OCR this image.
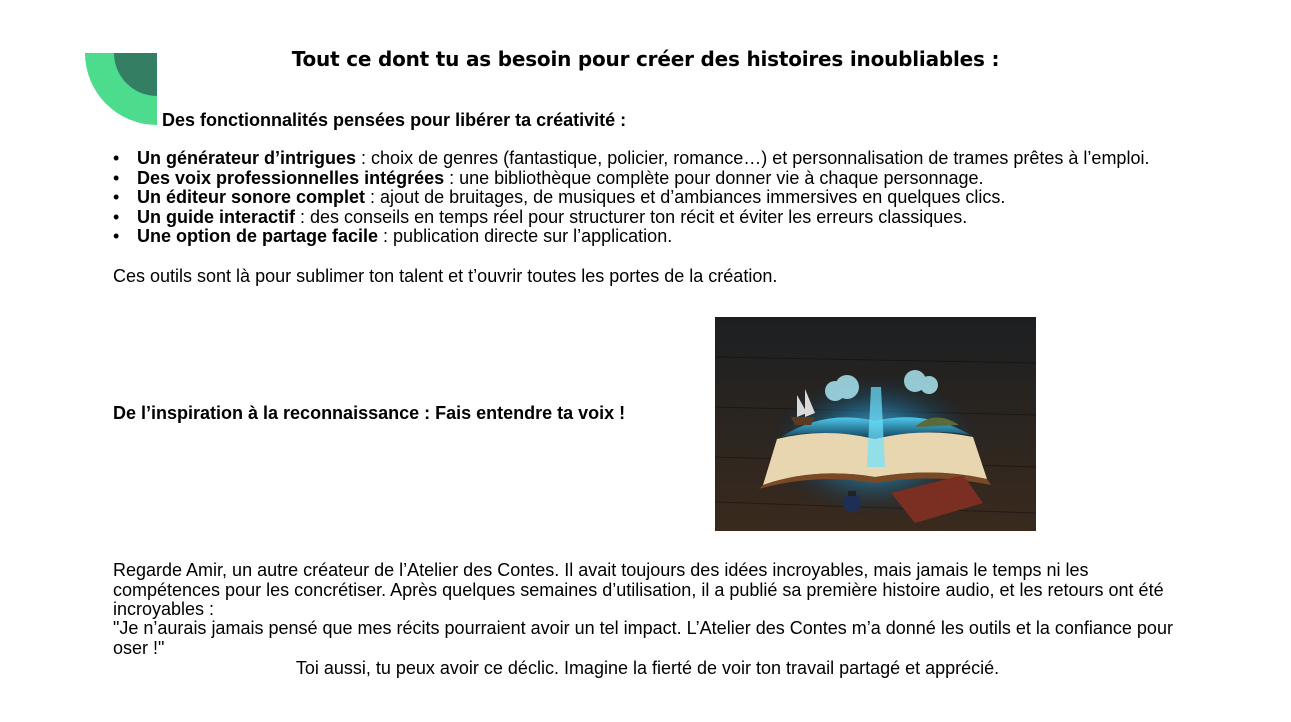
Tout ce dont tu as besoin pour créer des histoires inoubliables :

Des fonctionnalités pensées pour libérer ta créativité :

• Un générateur d’intrigues : choix de genres (fantastique, policier, romance…) et personnalisation de trames prêtes à l’emploi.
• Des voix professionnelles intégrées : une bibliothèque complète pour donner vie à chaque personnage.
• Un éditeur sonore complet : ajout de bruitages, de musiques et d’ambiances immersives en quelques clics.
• Un guide interactif : des conseils en temps réel pour structurer ton récit et éviter les erreurs classiques.
• Une option de partage facile : publication directe sur l’application.

Ces outils sont là pour sublimer ton talent et t’ouvrir toutes les portes de la création.

De l’inspiration à la reconnaissance : Fais entendre ta voix !

Regarde Amir, un autre créateur de l’Atelier des Contes. Il avait toujours des idées incroyables, mais jamais le temps ni les compétences pour les concrétiser. Après quelques semaines d’utilisation, il a publié sa première histoire audio, et les retours ont été incroyables :

"Je n’aurais jamais pensé que mes récits pourraient avoir un tel impact. L’Atelier des Contes m’a donné les outils et la confiance pour oser !"

Toi aussi, tu peux avoir ce déclic. Imagine la fierté de voir ton travail partagé et apprécié.
